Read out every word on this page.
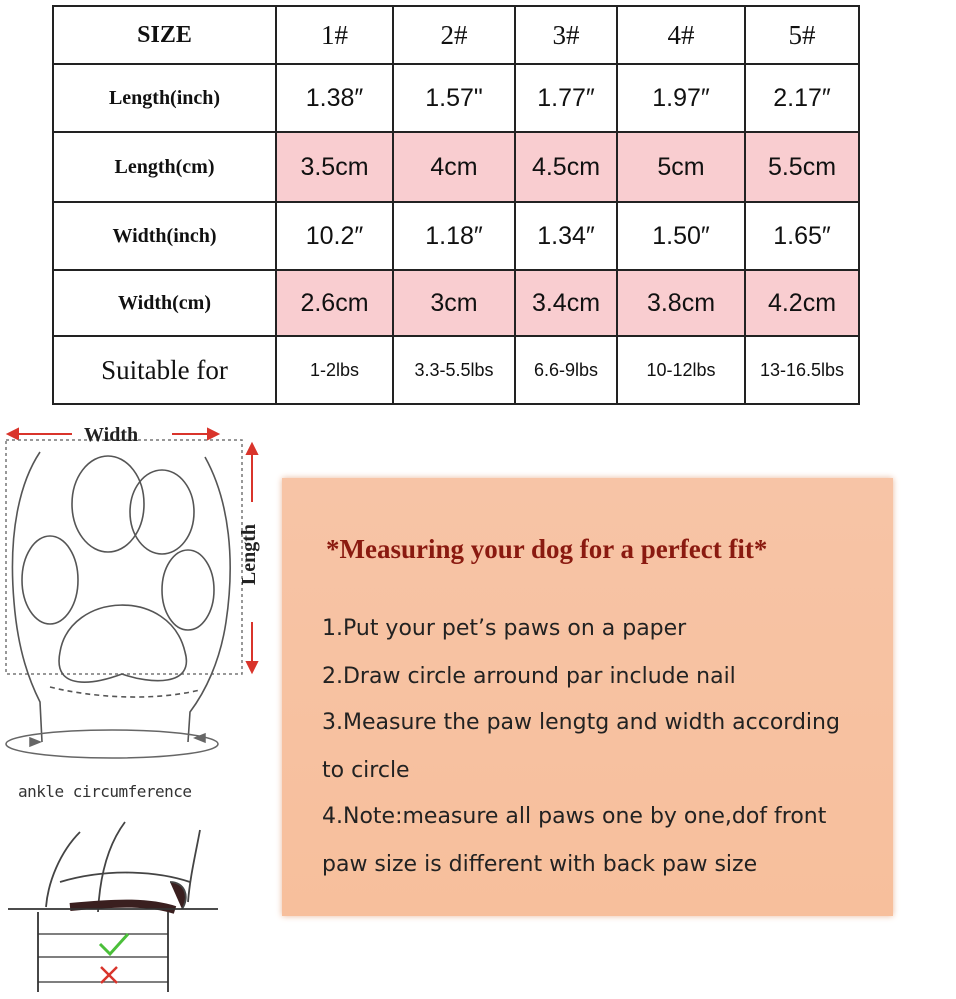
SIZE	1#	2#	3#	4#	5#
Length(inch)	1.38″	1.57"	1.77″	1.97″	2.17″
Length(cm)	3.5cm	4cm	4.5cm	5cm	5.5cm
Width(inch)	10.2″	1.18″	1.34″	1.50″	1.65″
Width(cm)	2.6cm	3cm	3.4cm	3.8cm	4.2cm
Suitable for	1-2lbs	3.3-5.5lbs	6.6-9lbs	10-12lbs	13-16.5lbs
Width
Length
ankle circumference
*Measuring your dog for a perfect fit*
1.Put your pet’s paws on a paper
2.Draw circle arround par include nail
3.Measure the paw lengtg and width according
to circle
4.Note:measure all paws one by one,dof front
paw size is different with back paw size
